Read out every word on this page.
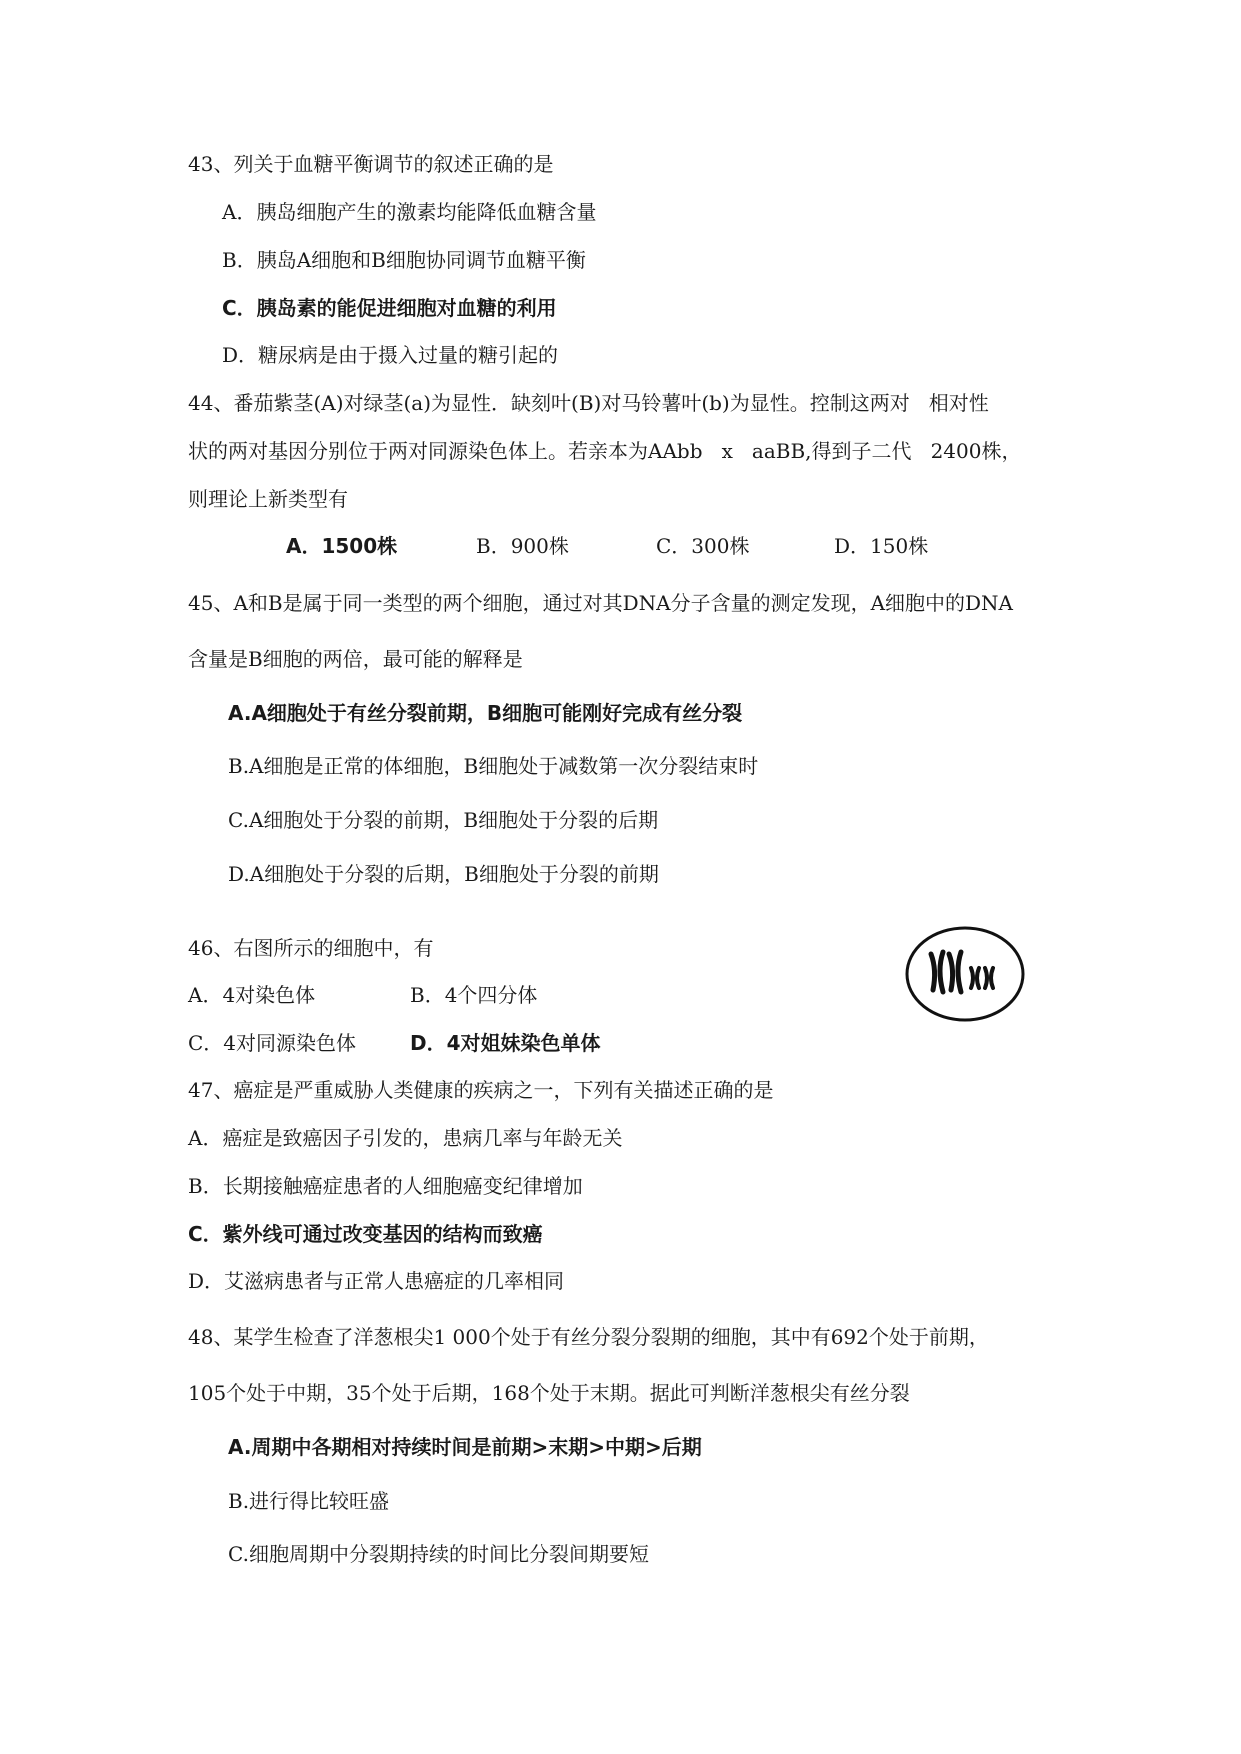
43、列关于血糖平衡调节的叙述正确的是
A．胰岛细胞产生的激素均能降低血糖含量
B．胰岛A细胞和B细胞协同调节血糖平衡
C．胰岛素的能促进细胞对血糖的利用
D．糖尿病是由于摄入过量的糖引起的
44、番茄紫茎(A)对绿茎(a)为显性．缺刻叶(B)对马铃薯叶(b)为显性。控制这两对   相对性
状的两对基因分别位于两对同源染色体上。若亲本为AAbb   x   aaBB,得到子二代   2400株，
则理论上新类型有
A．1500株	B．900株	C．300株	D．150株
45、A和B是属于同一类型的两个细胞，通过对其DNA分子含量的测定发现，A细胞中的DNA
含量是B细胞的两倍，最可能的解释是
A.A细胞处于有丝分裂前期，B细胞可能刚好完成有丝分裂
B.A细胞是正常的体细胞，B细胞处于减数第一次分裂结束时
C.A细胞处于分裂的前期，B细胞处于分裂的后期
D.A细胞处于分裂的后期，B细胞处于分裂的前期
46、右图所示的细胞中，有
A．4对染色体	B．4个四分体
C．4对同源染色体	D．4对姐妹染色单体
47、癌症是严重威胁人类健康的疾病之一，下列有关描述正确的是
A．癌症是致癌因子引发的，患病几率与年龄无关
B．长期接触癌症患者的人细胞癌变纪律增加
C．紫外线可通过改变基因的结构而致癌
D．艾滋病患者与正常人患癌症的几率相同
48、某学生检查了洋葱根尖1 000个处于有丝分裂分裂期的细胞，其中有692个处于前期，
105个处于中期，35个处于后期，168个处于末期。据此可判断洋葱根尖有丝分裂
A.周期中各期相对持续时间是前期>末期>中期>后期
B.进行得比较旺盛
C.细胞周期中分裂期持续的时间比分裂间期要短
